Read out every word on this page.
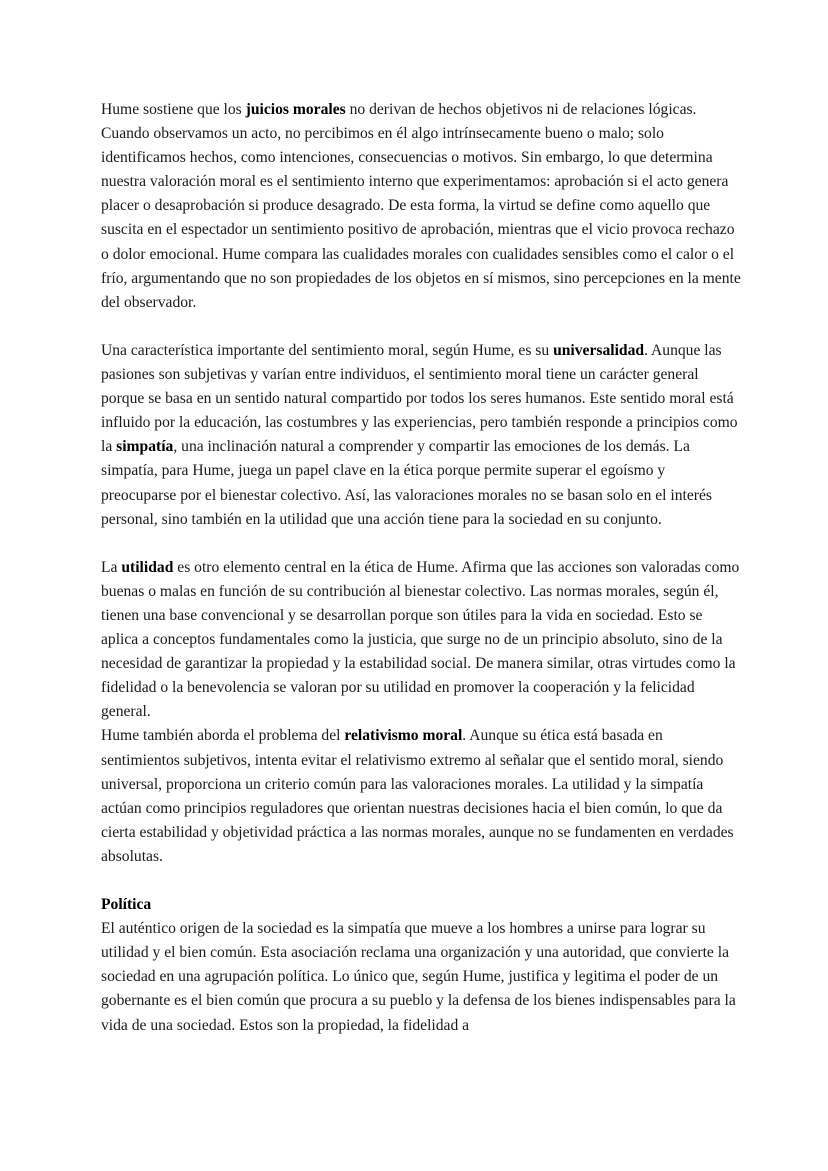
Hume sostiene que los juicios morales no derivan de hechos objetivos ni de relaciones lógicas. Cuando observamos un acto, no percibimos en él algo intrínsecamente bueno o malo; solo identificamos hechos, como intenciones, consecuencias o motivos. Sin embargo, lo que determina nuestra valoración moral es el sentimiento interno que experimentamos: aprobación si el acto genera placer o desaprobación si produce desagrado. De esta forma, la virtud se define como aquello que suscita en el espectador un sentimiento positivo de aprobación, mientras que el vicio provoca rechazo o dolor emocional. Hume compara las cualidades morales con cualidades sensibles como el calor o el frío, argumentando que no son propiedades de los objetos en sí mismos, sino percepciones en la mente del observador.

Una característica importante del sentimiento moral, según Hume, es su universalidad. Aunque las pasiones son subjetivas y varían entre individuos, el sentimiento moral tiene un carácter general porque se basa en un sentido natural compartido por todos los seres humanos. Este sentido moral está influido por la educación, las costumbres y las experiencias, pero también responde a principios como la simpatía, una inclinación natural a comprender y compartir las emociones de los demás. La simpatía, para Hume, juega un papel clave en la ética porque permite superar el egoísmo y preocuparse por el bienestar colectivo. Así, las valoraciones morales no se basan solo en el interés personal, sino también en la utilidad que una acción tiene para la sociedad en su conjunto.

La utilidad es otro elemento central en la ética de Hume. Afirma que las acciones son valoradas como buenas o malas en función de su contribución al bienestar colectivo. Las normas morales, según él, tienen una base convencional y se desarrollan porque son útiles para la vida en sociedad. Esto se aplica a conceptos fundamentales como la justicia, que surge no de un principio absoluto, sino de la necesidad de garantizar la propiedad y la estabilidad social. De manera similar, otras virtudes como la fidelidad o la benevolencia se valoran por su utilidad en promover la cooperación y la felicidad general.

Hume también aborda el problema del relativismo moral. Aunque su ética está basada en sentimientos subjetivos, intenta evitar el relativismo extremo al señalar que el sentido moral, siendo universal, proporciona un criterio común para las valoraciones morales. La utilidad y la simpatía actúan como principios reguladores que orientan nuestras decisiones hacia el bien común, lo que da cierta estabilidad y objetividad práctica a las normas morales, aunque no se fundamenten en verdades absolutas.

Política

El auténtico origen de la sociedad es la simpatía que mueve a los hombres a unirse para lograr su utilidad y el bien común. Esta asociación reclama una organización y una autoridad, que convierte la sociedad en una agrupación política. Lo único que, según Hume, justifica y legitima el poder de un gobernante es el bien común que procura a su pueblo y la defensa de los bienes indispensables para la vida de una sociedad. Estos son la propiedad, la fidelidad a
